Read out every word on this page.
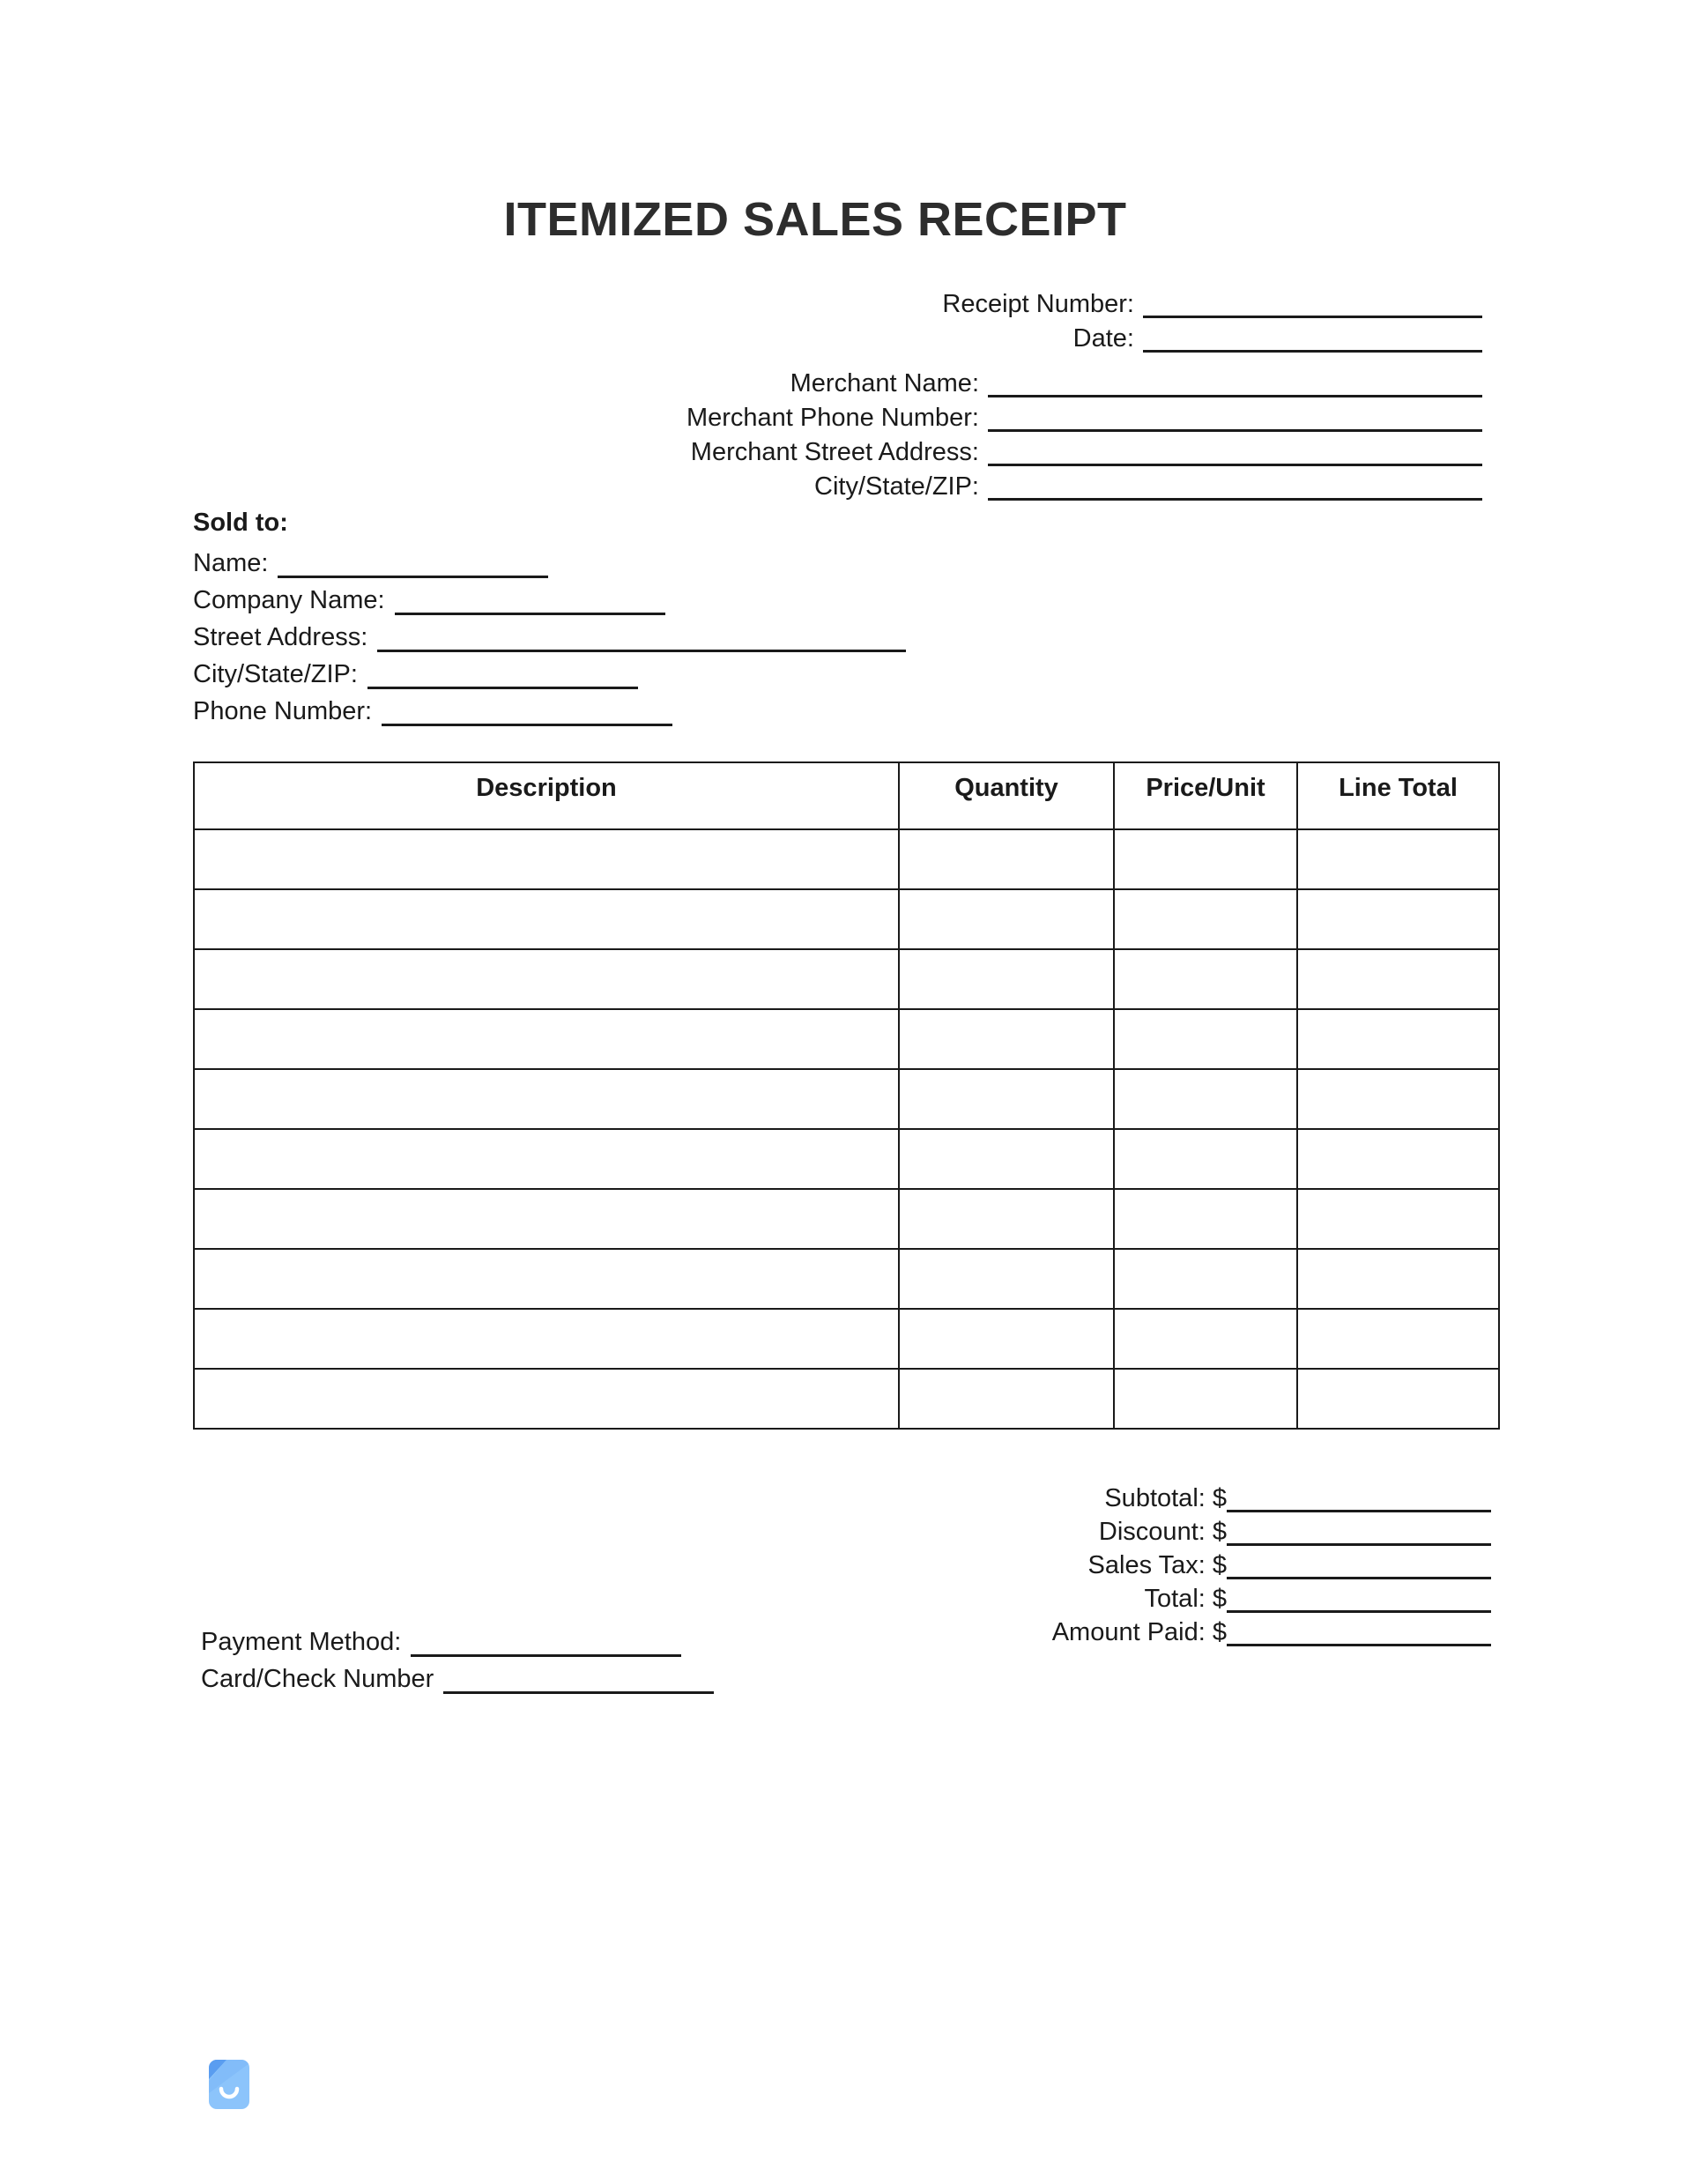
ITEMIZED SALES RECEIPT
Receipt Number:
Date:
Merchant Name:
Merchant Phone Number:
Merchant Street Address:
City/State/ZIP:
Sold to:
Name:
Company Name:
Street Address:
City/State/ZIP:
Phone Number:
Description	Quantity	Price/Unit	Line Total

Subtotal: $
Discount: $
Sales Tax: $
Total: $
Amount Paid: $
Payment Method:
Card/Check Number
